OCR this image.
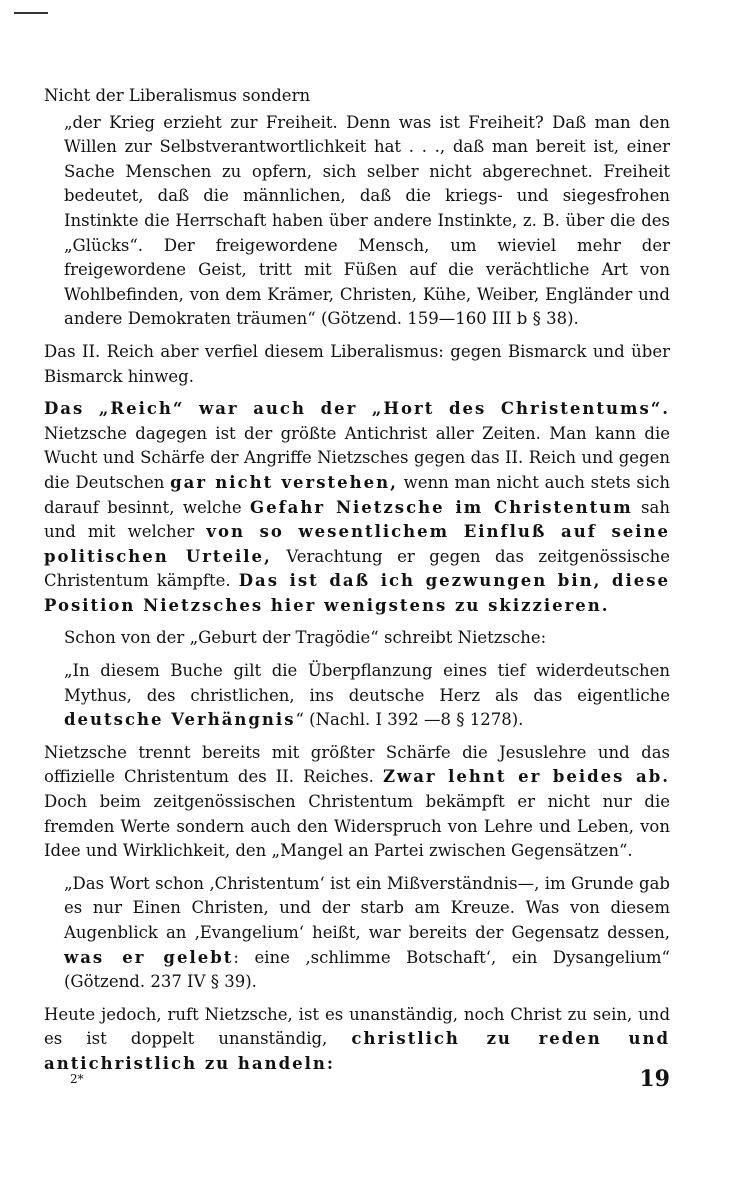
Nicht der Liberalismus sondern

„der Krieg erzieht zur Freiheit. Denn was ist Freiheit? Daß man den Willen zur Selbstverantwortlichkeit hat . . ., daß man bereit ist, einer Sache Menschen zu opfern, sich selber nicht abgerechnet. Freiheit bedeutet, daß die männlichen, daß die kriegs- und siegesfrohen Instinkte die Herrschaft haben über andere Instinkte, z. B. über die des „Glücks“. Der freigewordene Mensch, um wieviel mehr der freigewordene Geist, tritt mit Füßen auf die verächtliche Art von Wohlbefinden, von dem Krämer, Christen, Kühe, Weiber, Engländer und andere Demokraten träumen“ (Götzend. 159—160 III b § 38).

Das II. Reich aber verfiel diesem Liberalismus: gegen Bismarck und über Bismarck hinweg.

Das „Reich“ war auch der „Hort des Christentums“. Nietzsche dagegen ist der größte Antichrist aller Zeiten. Man kann die Wucht und Schärfe der Angriffe Nietzsches gegen das II. Reich und gegen die Deutschen gar nicht verstehen, wenn man nicht auch stets sich darauf besinnt, welche Gefahr Nietzsche im Christentum sah und mit welcher von so wesentlichem Einfluß auf seine politischen Urteile, Verachtung er gegen das zeitgenössische Christentum kämpfte. Das ist daß ich gezwungen bin, diese Position Nietzsches hier wenigstens zu skizzieren.

Schon von der „Geburt der Tragödie“ schreibt Nietzsche:

„In diesem Buche gilt die Überpflanzung eines tief widerdeutschen Mythus, des christlichen, ins deutsche Herz als das eigentliche deutsche Verhängnis“ (Nachl. I 392 —8 § 1278).

Nietzsche trennt bereits mit größter Schärfe die Jesuslehre und das offizielle Christentum des II. Reiches. Zwar lehnt er beides ab. Doch beim zeitgenössischen Christentum bekämpft er nicht nur die fremden Werte sondern auch den Widerspruch von Lehre und Leben, von Idee und Wirklichkeit, den „Mangel an Partei zwischen Gegensätzen“.

„Das Wort schon ‚Christentum‘ ist ein Mißverständnis—, im Grunde gab es nur Einen Christen, und der starb am Kreuze. Was von diesem Augenblick an ‚Evangelium‘ heißt, war bereits der Gegensatz dessen, was er gelebt: eine ‚schlimme Botschaft‘, ein Dysangelium“ (Götzend. 237 IV § 39).

Heute jedoch, ruft Nietzsche, ist es unanständig, noch Christ zu sein, und es ist doppelt unanständig, christlich zu reden und antichristlich zu handeln:

2*	19
